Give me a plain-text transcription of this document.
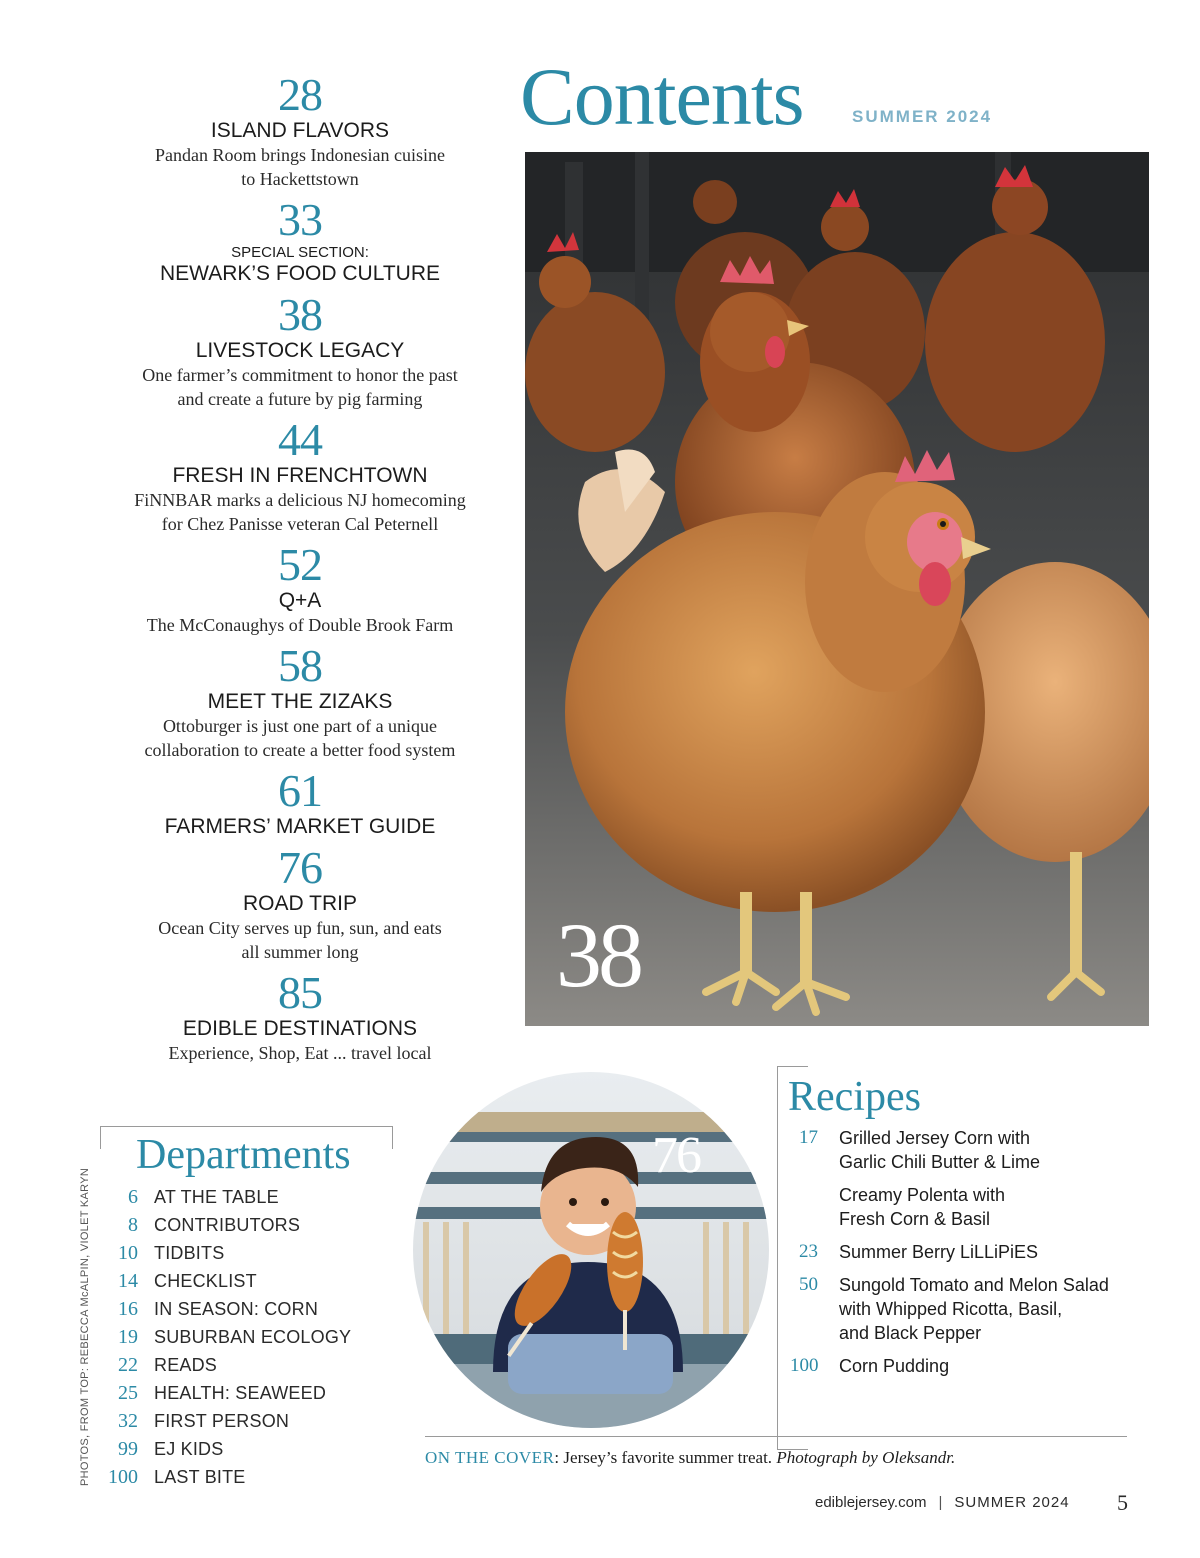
Contents	SUMMER 2024
28
ISLAND FLAVORS
Pandan Room brings Indonesian cuisine
to Hackettstown
33
SPECIAL SECTION:
NEWARK’S FOOD CULTURE
38
LIVESTOCK LEGACY
One farmer’s commitment to honor the past
and create a future by pig farming
44
FRESH IN FRENCHTOWN
FiNNBAR marks a delicious NJ homecoming
for Chez Panisse veteran Cal Peternell
52
Q+A
The McConaughys of Double Brook Farm
58
MEET THE ZIZAKS
Ottoburger is just one part of a unique
collaboration to create a better food system
61
FARMERS’ MARKET GUIDE
76
ROAD TRIP
Ocean City serves up fun, sun, and eats
all summer long
85
EDIBLE DESTINATIONS
Experience, Shop, Eat ... travel local
38
Departments
6 AT THE TABLE
8 CONTRIBUTORS
10 TIDBITS
14 CHECKLIST
16 IN SEASON: CORN
19 SUBURBAN ECOLOGY
22 READS
25 HEALTH: SEAWEED
32 FIRST PERSON
99 EJ KIDS
100 LAST BITE
PHOTOS, FROM TOP: REBECCA McALPIN, VIOLET KARYN
76
Recipes
17 Grilled Jersey Corn with
Garlic Chili Butter & Lime
Creamy Polenta with
Fresh Corn & Basil
23 Summer Berry LiLLiPiES
50 Sungold Tomato and Melon Salad
with Whipped Ricotta, Basil,
and Black Pepper
100 Corn Pudding
ON THE COVER: Jersey’s favorite summer treat. Photograph by Oleksandr.
ediblejersey.com | SUMMER 2024 5
